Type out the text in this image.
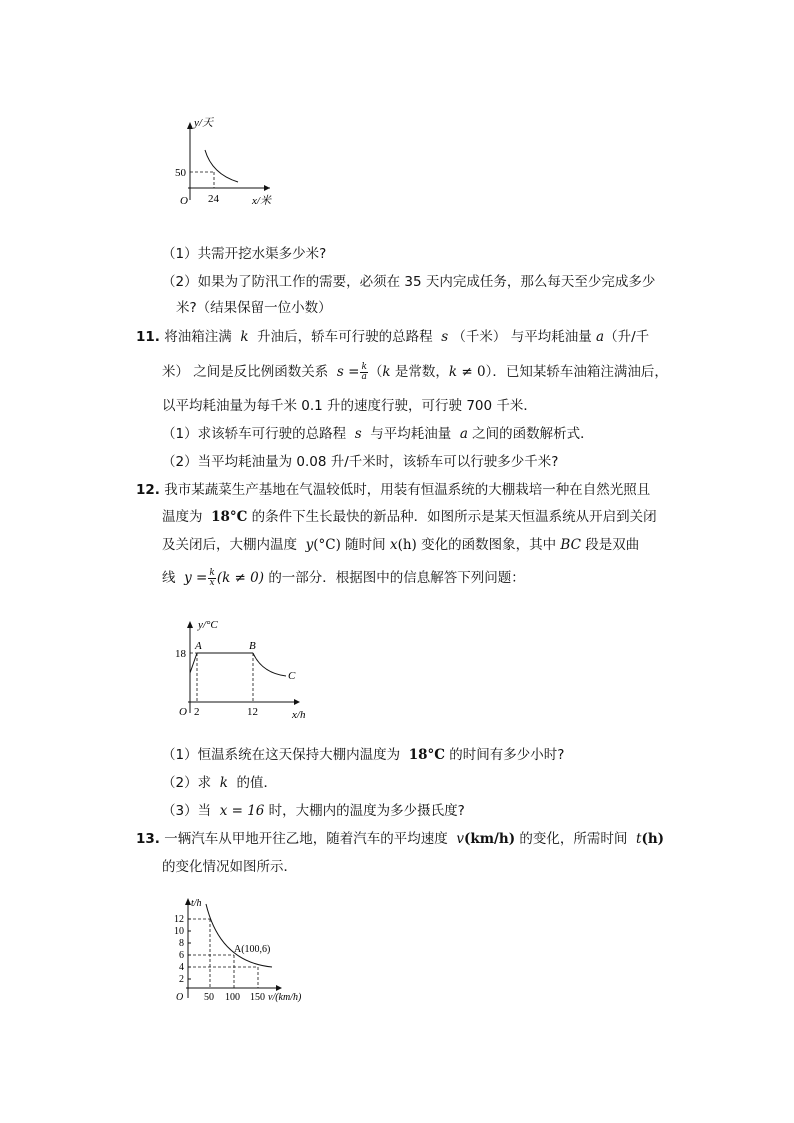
y/天
x/米
O
50
24
（1）共需开挖水渠多少米?
（2）如果为了防汛工作的需要，必须在 35 天内完成任务，那么每天至少完成多少
米?（结果保留一位小数）
11. 将油箱注满 k 升油后，轿车可行驶的总路程 s （千米） 与平均耗油量 a（升/千
米） 之间是反比例函数关系 $s = \frac{k}{a} (k$ 是常数，k ≠ 0）．已知某轿车油箱注满油后，
以平均耗油量为每千米 0.1 升的速度行驶，可行驶 700 千米．
（1）求该轿车可行驶的总路程 s 与平均耗油量 a 之间的函数解析式．
（2）当平均耗油量为 0.08 升/千米时，该轿车可以行驶多少千米?
12. 我市某蔬菜生产基地在气温较低时，用装有恒温系统的大棚栽培一种在自然光照且
温度为 18°C 的条件下生长最快的新品种．如图所示是某天恒温系统从开启到关闭
及关闭后，大棚内温度 y(°C) 随时间 x(h) 变化的函数图象，其中 BC 段是双曲
线 $y = \frac{k}{x} (k \ne 0)$ 的一部分．根据图中的信息解答下列问题：
y/°C
x/h
O
18
2	12
A	B
C
（1）恒温系统在这天保持大棚内温度为 18°C 的时间有多少小时?
（2）求 k 的值．
（3）当 x = 16 时，大棚内的温度为多少摄氏度?
13. 一辆汽车从甲地开往乙地，随着汽车的平均速度 v(km/h) 的变化，所需时间 t(h)
的变化情况如图所示．
t/h
v/(km/h)
O
12
10
8
6
4
2
50 100 150
A(100,6)
